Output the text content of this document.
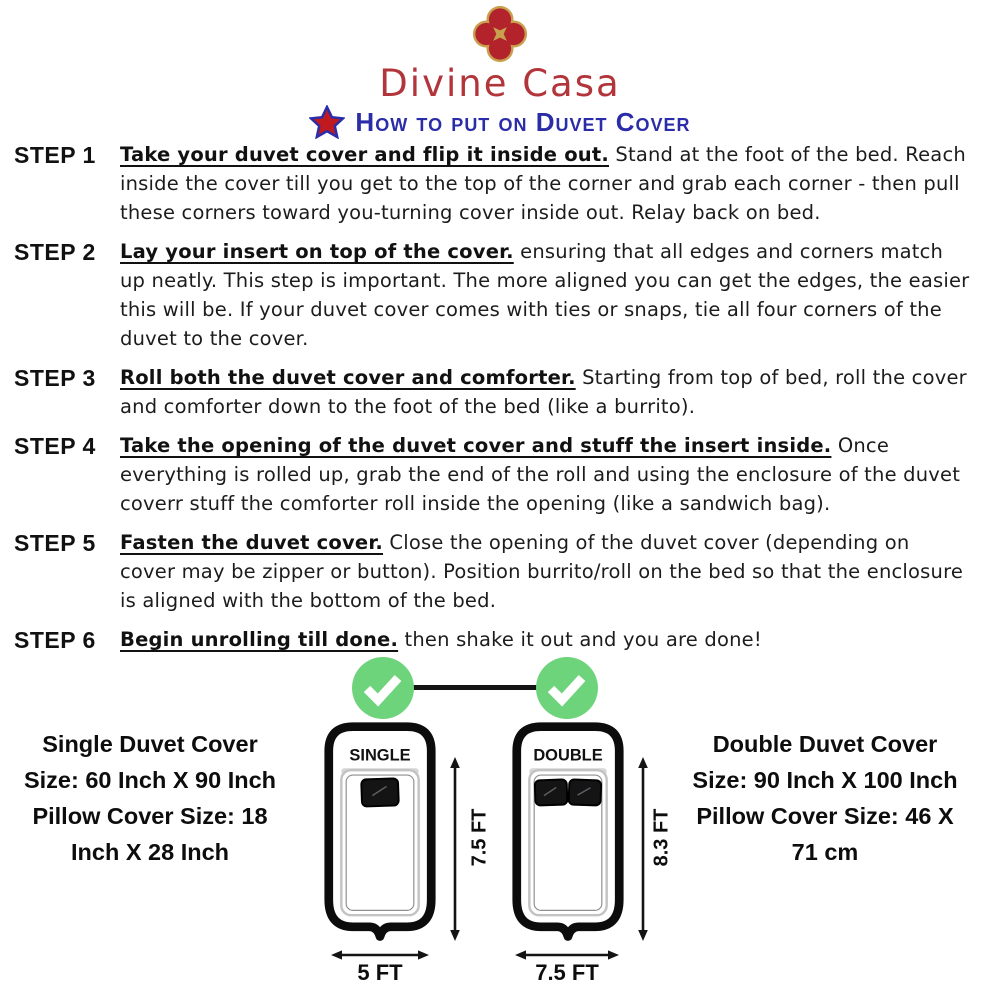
Divine Casa
How to put on Duvet Cover
STEP 1	Take your duvet cover and flip it inside out. Stand at the foot of the bed. Reach inside the cover till you get to the top of the corner and grab each corner - then pull these corners toward you-turning cover inside out. Relay back on bed.
STEP 2	Lay your insert on top of the cover. ensuring that all edges and corners match up neatly. This step is important. The more aligned you can get the edges, the easier this will be. If your duvet cover comes with ties or snaps, tie all four corners of the duvet to the cover.
STEP 3	Roll both the duvet cover and comforter. Starting from top of bed, roll the cover and comforter down to the foot of the bed (like a burrito).
STEP 4	Take the opening of the duvet cover and stuff the insert inside. Once everything is rolled up, grab the end of the roll and using the enclosure of the duvet coverr stuff the comforter roll inside the opening (like a sandwich bag).
STEP 5	Fasten the duvet cover. Close the opening of the duvet cover (depending on cover may be zipper or button). Position burrito/roll on the bed so that the enclosure is aligned with the bottom of the bed.
STEP 6	Begin unrolling till done. then shake it out and you are done!
Single Duvet Cover Size: 60 Inch X 90 Inch
Pillow Cover Size: 18 Inch X 28 Inch
Double Duvet Cover Size: 90 Inch X 100 Inch
Pillow Cover Size: 46 X 71 cm
SINGLE	DOUBLE
7.5 FT	8.3 FT
5 FT	7.5 FT
